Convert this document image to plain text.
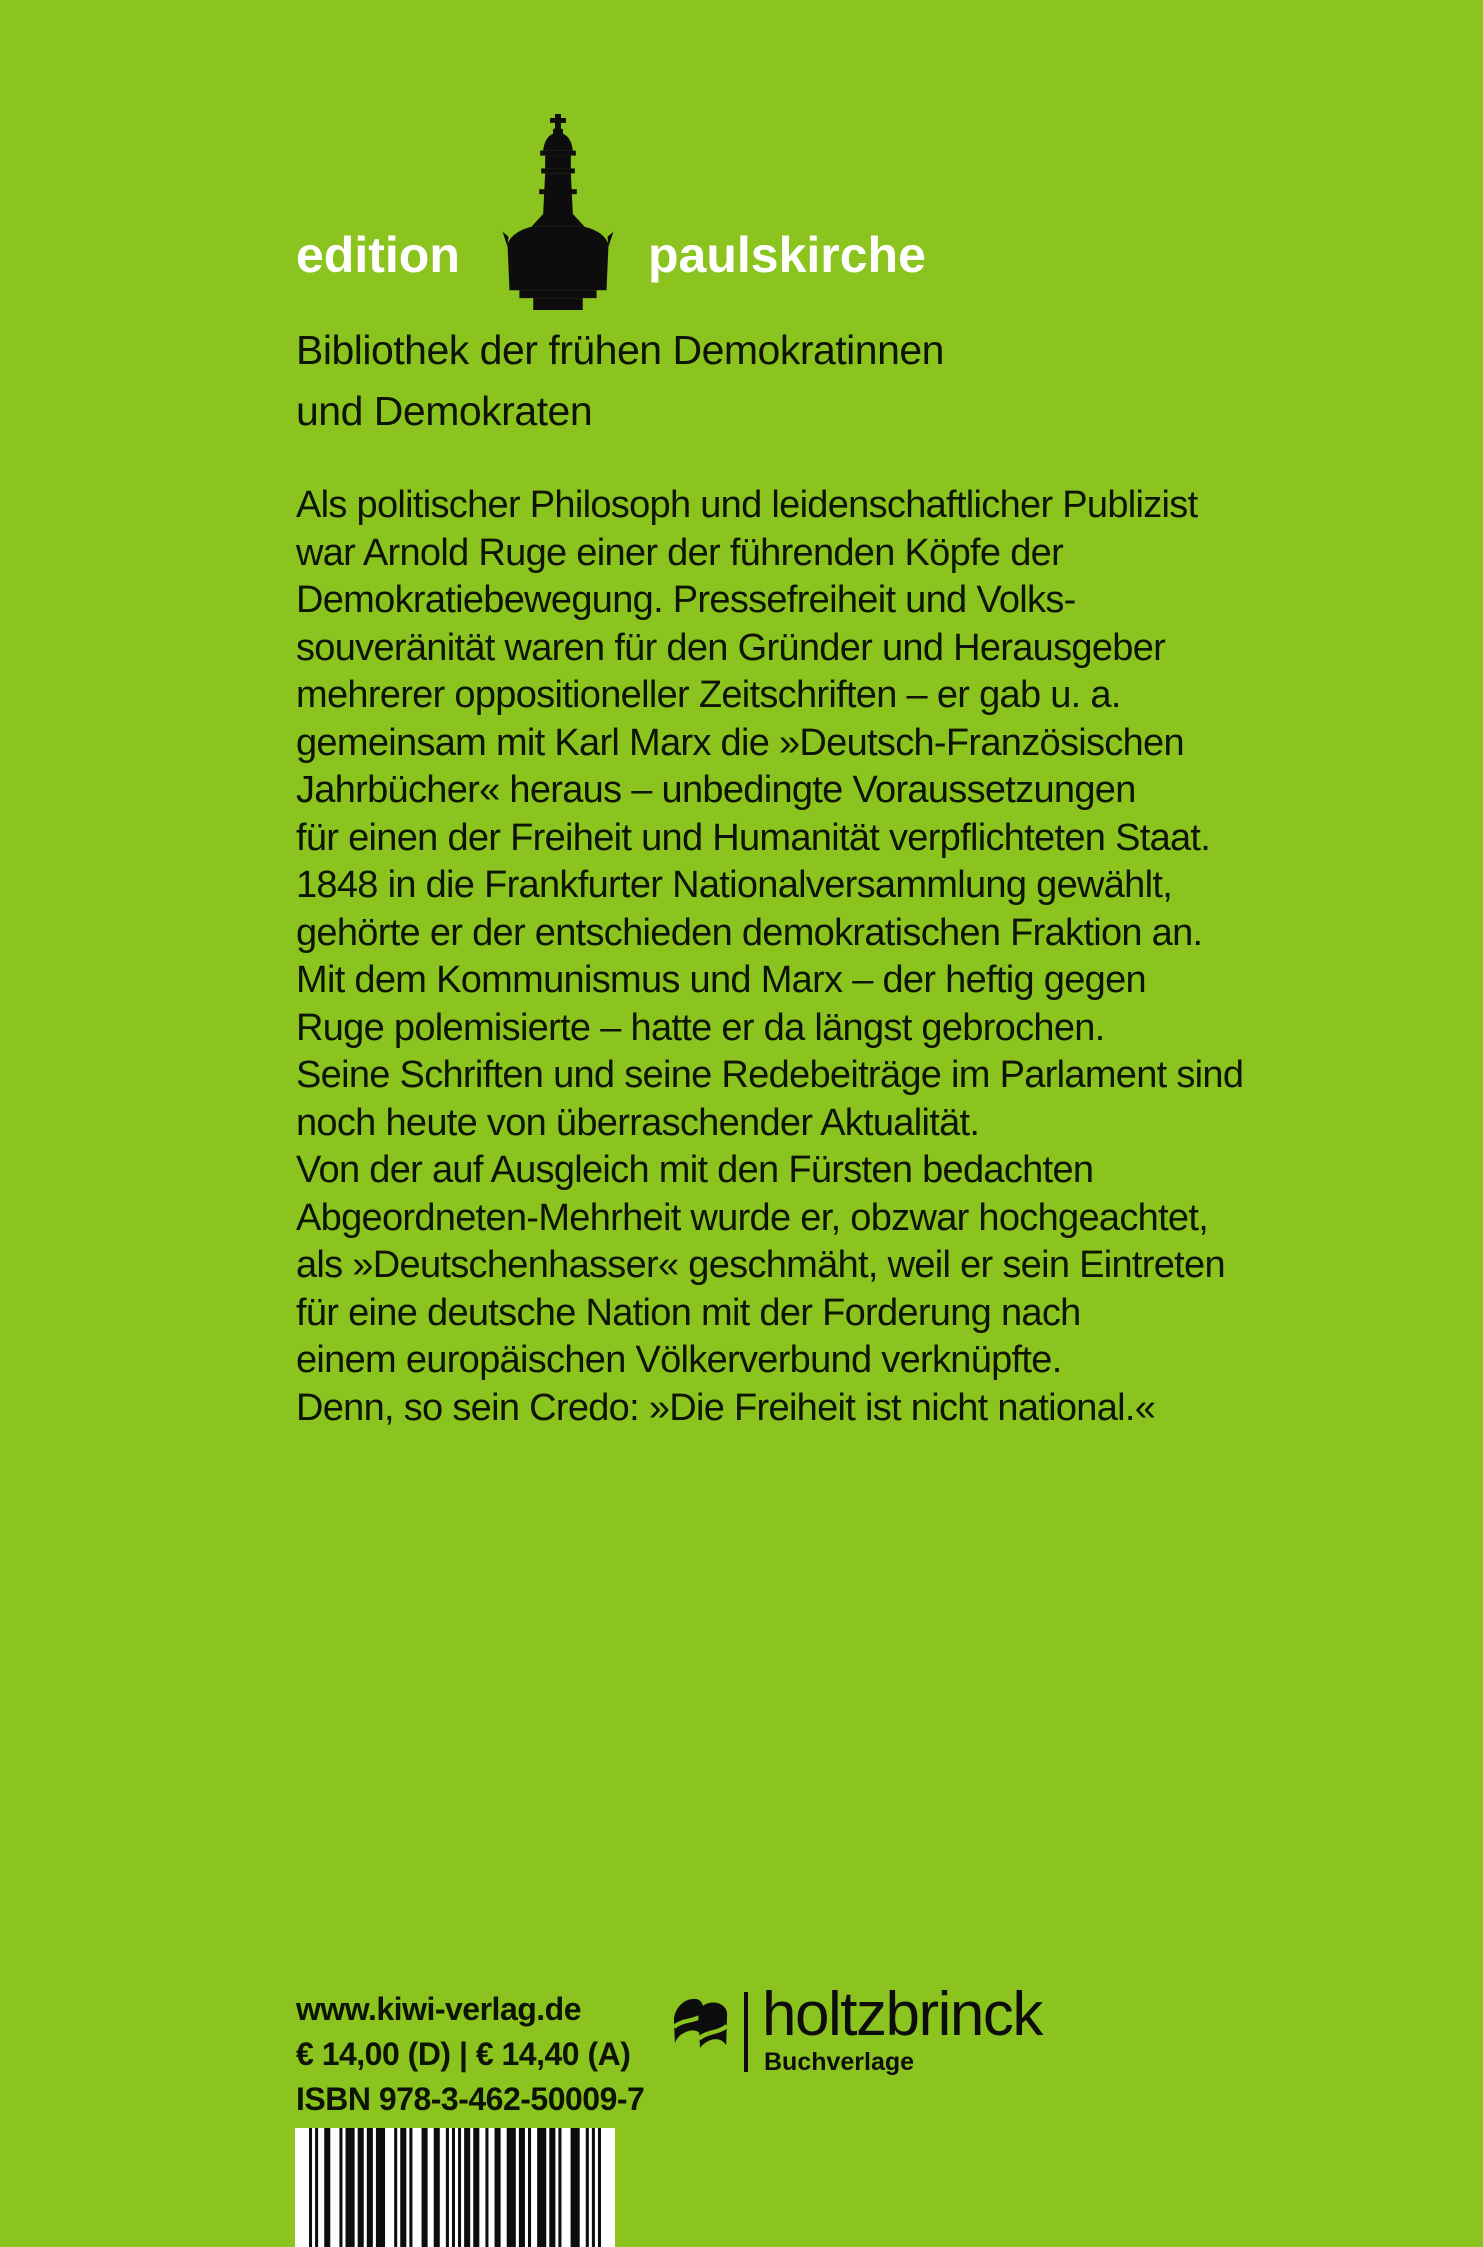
edition	paulskirche
Bibliothek der frühen Demokratinnen
und Demokraten
Als politischer Philosoph und leidenschaftlicher Publizist
war Arnold Ruge einer der führenden Köpfe der
Demokratiebewegung. Pressefreiheit und Volks-
souveränität waren für den Gründer und Herausgeber
mehrerer oppositioneller Zeitschriften – er gab u. a.
gemeinsam mit Karl Marx die »Deutsch-Französischen
Jahrbücher« heraus – unbedingte Voraussetzungen
für einen der Freiheit und Humanität verpflichteten Staat.
1848 in die Frankfurter Nationalversammlung gewählt,
gehörte er der entschieden demokratischen Fraktion an.
Mit dem Kommunismus und Marx – der heftig gegen
Ruge polemisierte – hatte er da längst gebrochen.
Seine Schriften und seine Redebeiträge im Parlament sind
noch heute von überraschender Aktualität.
Von der auf Ausgleich mit den Fürsten bedachten
Abgeordneten-Mehrheit wurde er, obzwar hochgeachtet,
als »Deutschenhasser« geschmäht, weil er sein Eintreten
für eine deutsche Nation mit der Forderung nach
einem europäischen Völkerverbund verknüpfte.
Denn, so sein Credo: »Die Freiheit ist nicht national.«
www.kiwi-verlag.de
€ 14,00 (D) | € 14,40 (A)
ISBN 978-3-462-50009-7
holtzbrinck
Buchverlage
